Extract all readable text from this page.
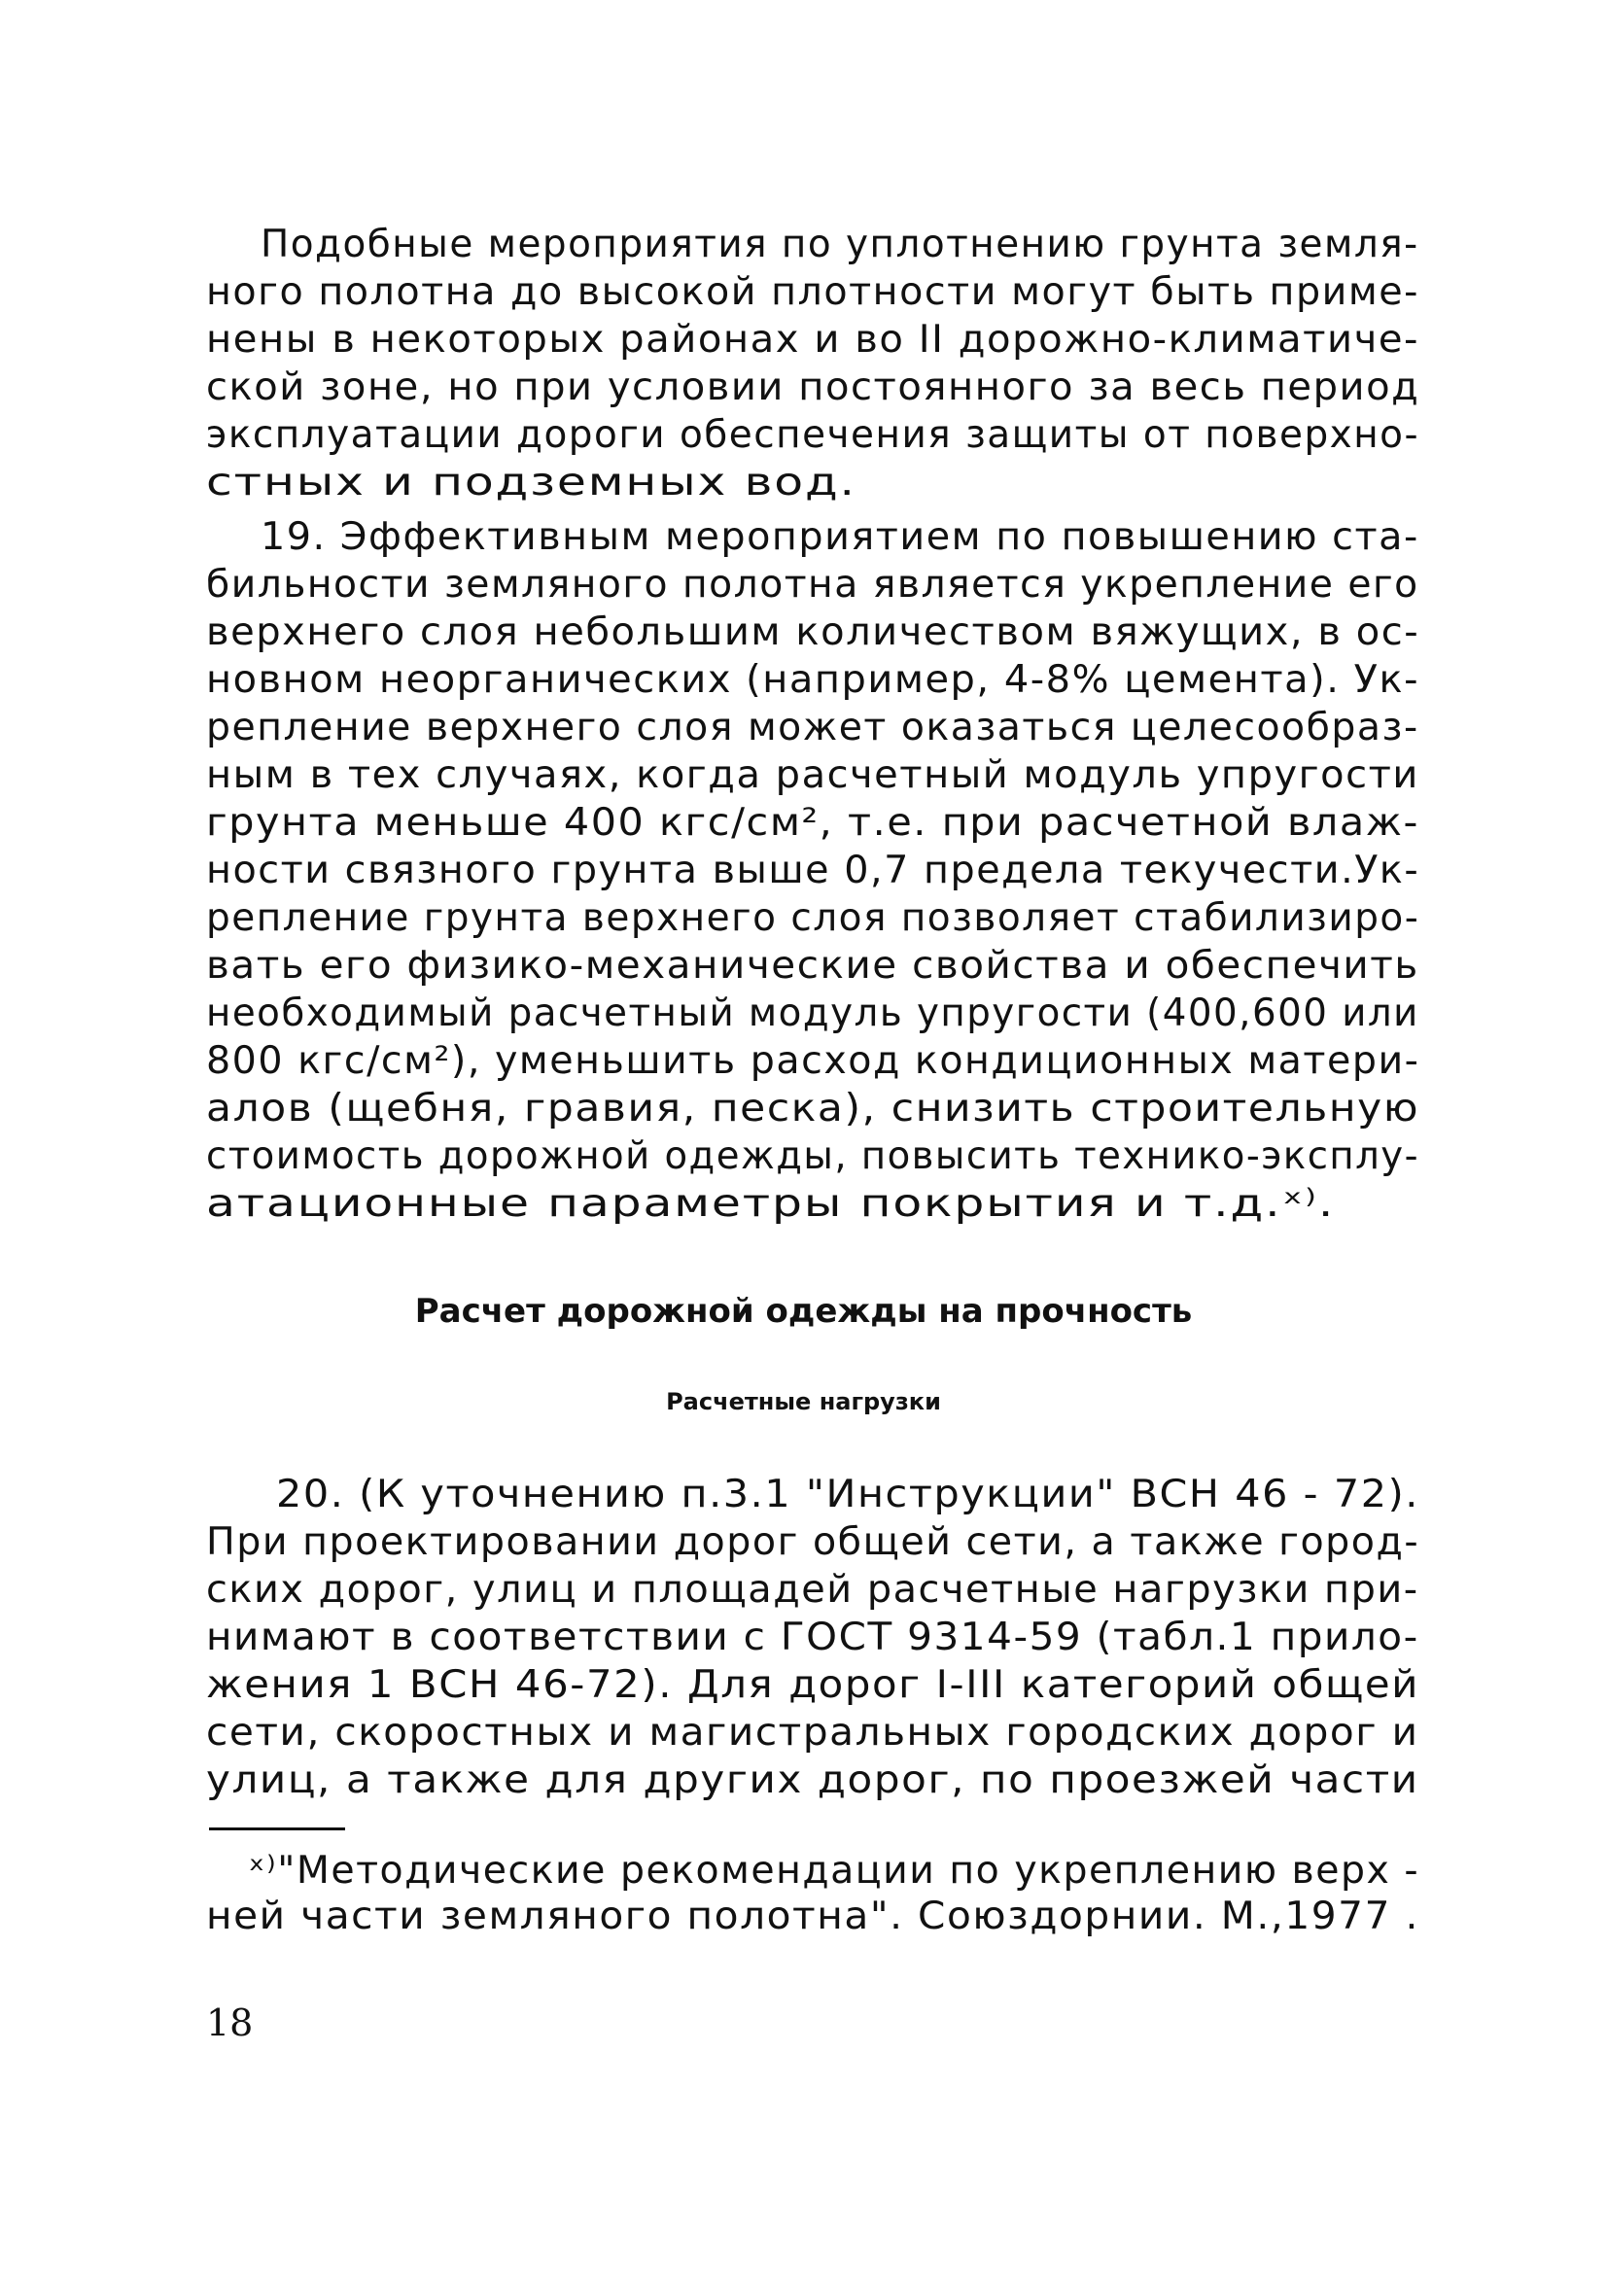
Подобные мероприятия по уплотнению грунта земля-
ного полотна до высокой плотности могут быть приме-
нены в некоторых районах и во II дорожно-климатиче-
ской зоне, но при условии постоянного за весь период
эксплуатации дороги обеспечения защиты от поверхно-
стных и подземных вод.
19. Эффективным мероприятием по повышению ста-
бильности земляного полотна является укрепление его
верхнего слоя небольшим количеством вяжущих, в ос-
новном неорганических (например, 4-8% цемента). Ук-
репление верхнего слоя может оказаться целесообраз-
ным в тех случаях, когда расчетный модуль упругости
грунта меньше 400 кгс/см², т.е. при расчетной влаж-
ности связного грунта выше 0,7 предела текучести.Ук-
репление грунта верхнего слоя позволяет стабилизиро-
вать его физико-механические свойства и обеспечить
необходимый расчетный модуль упругости (400,600 или
800 кгс/см²), уменьшить расход кондиционных матери-
алов (щебня, гравия, песка), снизить строительную
стоимость дорожной одежды, повысить технико-эксплу-
атационные параметры покрытия и т.д.ˣ⁾.
Расчет дорожной одежды на прочность
Расчетные нагрузки
20. (К уточнению п.3.1 "Инструкции" ВСН 46 - 72).
При проектировании дорог общей сети, а также город-
ских дорог, улиц и площадей расчетные нагрузки при-
нимают в соответствии с ГОСТ 9314-59 (табл.1 прило-
жения 1 ВСН 46-72). Для дорог I-III категорий общей
сети, скоростных и магистральных городских дорог и
улиц, а также для других дорог, по проезжей части
ˣ⁾"Методические рекомендации по укреплению верх -
ней части земляного полотна". Союздорнии. М.,1977 .
18
